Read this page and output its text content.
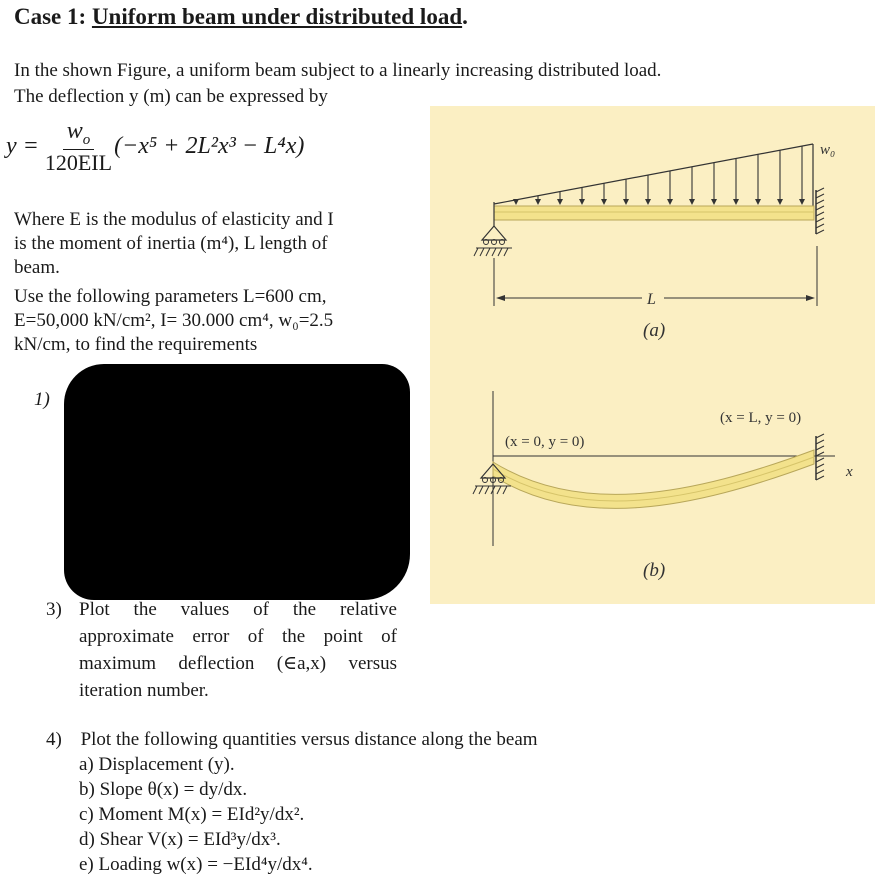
Case 1: Uniform beam under distributed load.
In the shown Figure, a uniform beam subject to a linearly increasing distributed load.
The deflection y (m) can be expressed by
y =
$w_o$
120EIL
(−x⁵ + 2L²x³ − L⁴x)
Where E is the modulus of elasticity and I
is the moment of inertia (m⁴), L length of
beam.
Use the following parameters L=600 cm,
E=50,000 kN/cm², I= 30.000 cm⁴, w₀=2.5
kN/cm, to find the requirements
1)
w₀
L
(a)
(x = 0, y = 0)
(x = L, y = 0)
x
(b)
3) Plot the values of the relative approximate error of the point of maximum deflection (∈a,x) versus iteration number.
4) Plot the following quantities versus distance along the beam
a) Displacement (y).
b) Slope θ(x) = dy/dx.
c) Moment M(x) = EId²y/dx².
d) Shear V(x) = EId³y/dx³.
e) Loading w(x) = −EId⁴y/dx⁴.
